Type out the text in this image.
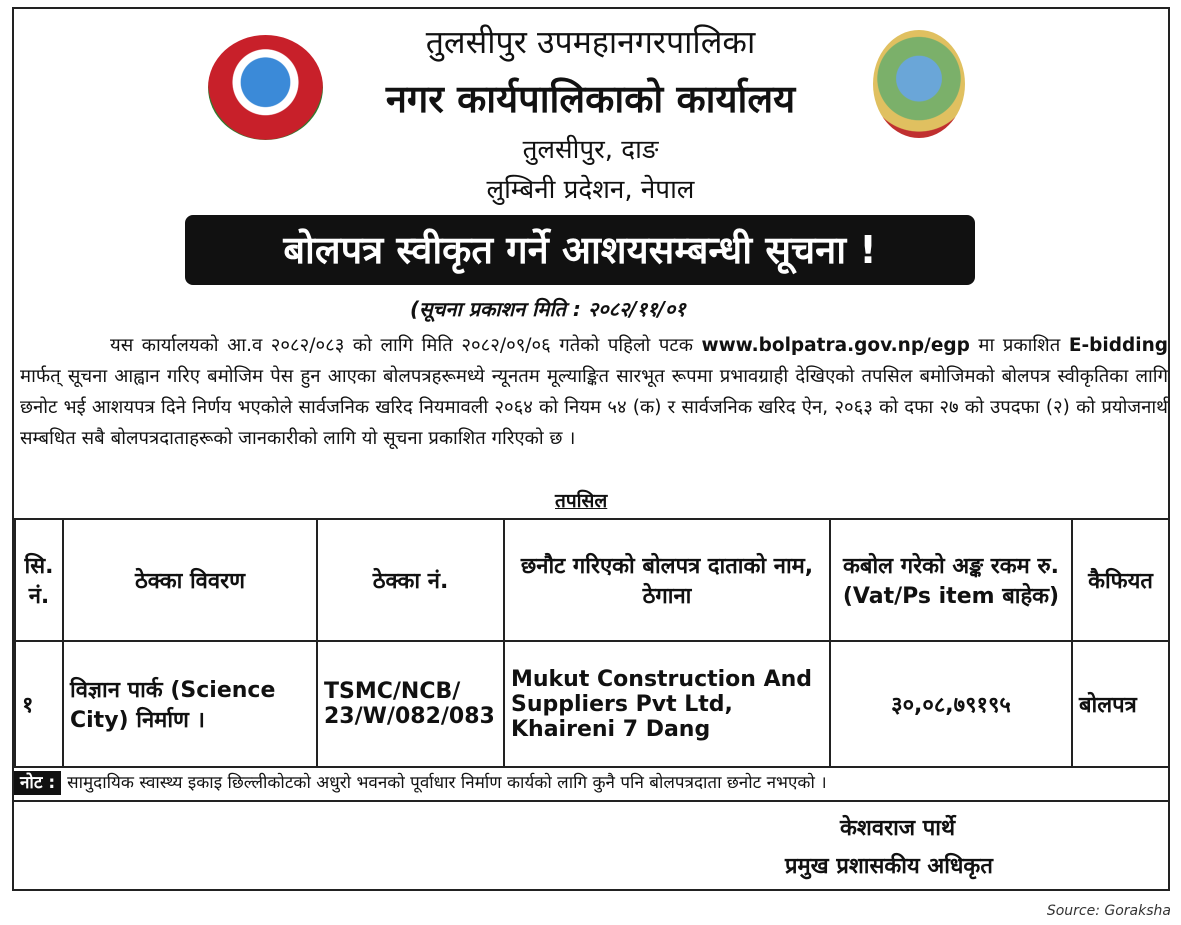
तुलसीपुर उपमहानगरपालिका
नगर कार्यपालिकाको कार्यालय
तुलसीपुर, दाङ
लुम्बिनी प्रदेशन, नेपाल
बोलपत्र स्वीकृत गर्ने आशयसम्बन्धी सूचना !
(सूचना प्रकाशन मिति : २०८२/११/०१
यस कार्यालयको आ.व २०८२/०८३ को लागि मिति २०८२/०९/०६ गतेको पहिलो पटक www.bolpatra.gov.np/egp मा प्रकाशित E-bidding मार्फत् सूचना आह्वान गरिए बमोजिम पेस हुन आएका बोलपत्रहरूमध्ये न्यूनतम मूल्याङ्कित सारभूत रूपमा प्रभावग्राही देखिएको तपसिल बमोजिमको बोलपत्र स्वीकृतिका लागि छनोट भई आशयपत्र दिने निर्णय भएकोले सार्वजनिक खरिद नियमावली २०६४ को नियम ५४ (क) र सार्वजनिक खरिद ऐन, २०६३ को दफा २७ को उपदफा (२) को प्रयोजनार्थ सम्बधित सबै बोलपत्रदाताहरूको जानकारीको लागि यो सूचना प्रकाशित गरिएको छ ।
तपसिल
सि. नं.	ठेक्का विवरण	ठेक्का नं.	छनौट गरिएको बोलपत्र दाताको नाम, ठेगाना	कबोल गरेको अङ्क रकम रु. (Vat/Ps item बाहेक)	कैफियत
१	विज्ञान पार्क (Science City) निर्माण ।	TSMC/NCB/ 23/W/082/083	Mukut Construction And Suppliers Pvt Ltd, Khaireni 7 Dang	३०,०८,७९१९५	बोलपत्र
नोट : सामुदायिक स्वास्थ्य इकाइ छिल्लीकोटको अधुरो भवनको पूर्वाधार निर्माण कार्यको लागि कुनै पनि बोलपत्रदाता छनोट नभएको ।
केशवराज पार्थे
प्रमुख प्रशासकीय अधिकृत
Source: Goraksha
